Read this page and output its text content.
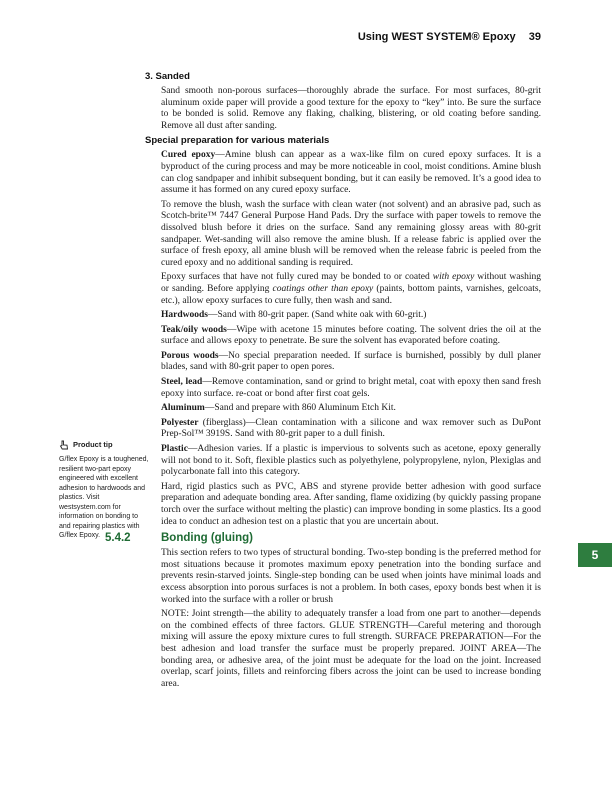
Using WEST SYSTEM® Epoxy 39
Product tip
G/flex Epoxy is a toughened, resilient two-part epoxy engineered with excellent adhesion to hardwoods and plastics. Visit westsystem.com for information on bonding to and repairing plastics with G/flex Epoxy.
3. Sanded

Sand smooth non-porous surfaces—thoroughly abrade the surface. For most surfaces, 80-grit aluminum oxide paper will provide a good texture for the epoxy to “key” into. Be sure the surface to be bonded is solid. Remove any flaking, chalking, blistering, or old coating before sanding. Remove all dust after sanding.

Special preparation for various materials

Cured epoxy—Amine blush can appear as a wax-like film on cured epoxy surfaces. It is a byproduct of the curing process and may be more noticeable in cool, moist conditions. Amine blush can clog sandpaper and inhibit subsequent bonding, but it can easily be removed. It’s a good idea to assume it has formed on any cured epoxy surface.

To remove the blush, wash the surface with clean water (not solvent) and an abrasive pad, such as Scotch-brite™ 7447 General Purpose Hand Pads. Dry the surface with paper towels to remove the dissolved blush before it dries on the surface. Sand any remaining glossy areas with 80-grit sandpaper. Wet-sanding will also remove the amine blush. If a release fabric is applied over the surface of fresh epoxy, all amine blush will be removed when the release fabric is peeled from the cured epoxy and no additional sanding is required.

Epoxy surfaces that have not fully cured may be bonded to or coated with epoxy without washing or sanding. Before applying coatings other than epoxy (paints, bottom paints, varnishes, gelcoats, etc.), allow epoxy surfaces to cure fully, then wash and sand.

Hardwoods—Sand with 80-grit paper. (Sand white oak with 60-grit.)

Teak/oily woods—Wipe with acetone 15 minutes before coating. The solvent dries the oil at the surface and allows epoxy to penetrate. Be sure the solvent has evaporated before coating.

Porous woods—No special preparation needed. If surface is burnished, possibly by dull planer blades, sand with 80-grit paper to open pores.

Steel, lead—Remove contamination, sand or grind to bright metal, coat with epoxy then sand fresh epoxy into surface. re-coat or bond after first coat gels.

Aluminum—Sand and prepare with 860 Aluminum Etch Kit.

Polyester (fiberglass)—Clean contamination with a silicone and wax remover such as DuPont Prep-Sol™ 3919S. Sand with 80-grit paper to a dull finish.

Plastic—Adhesion varies. If a plastic is impervious to solvents such as acetone, epoxy generally will not bond to it. Soft, flexible plastics such as polyethylene, polypropylene, nylon, Plexiglas and polycarbonate fall into this category.

Hard, rigid plastics such as PVC, ABS and styrene provide better adhesion with good surface preparation and adequate bonding area. After sanding, flame oxidizing (by quickly passing propane torch over the surface without melting the plastic) can improve bonding in some plastics. Its a good idea to conduct an adhesion test on a plastic that you are uncertain about.

5.4.2	Bonding (gluing)

This section refers to two types of structural bonding. Two-step bonding is the preferred method for most situations because it promotes maximum epoxy penetration into the bonding surface and prevents resin-starved joints. Single-step bonding can be used when joints have minimal loads and excess absorption into porous surfaces is not a problem. In both cases, epoxy bonds best when it is worked into the surface with a roller or brush

NOTE: Joint strength—the ability to adequately transfer a load from one part to another—depends on the combined effects of three factors. GLUE STRENGTH—Careful metering and thorough mixing will assure the epoxy mixture cures to full strength. SURFACE PREPARATION—For the best adhesion and load transfer the surface must be properly prepared. JOINT AREA—The bonding area, or adhesive area, of the joint must be adequate for the load on the joint. Increased overlap, scarf joints, fillets and reinforcing fibers across the joint can be used to increase bonding area.

5
